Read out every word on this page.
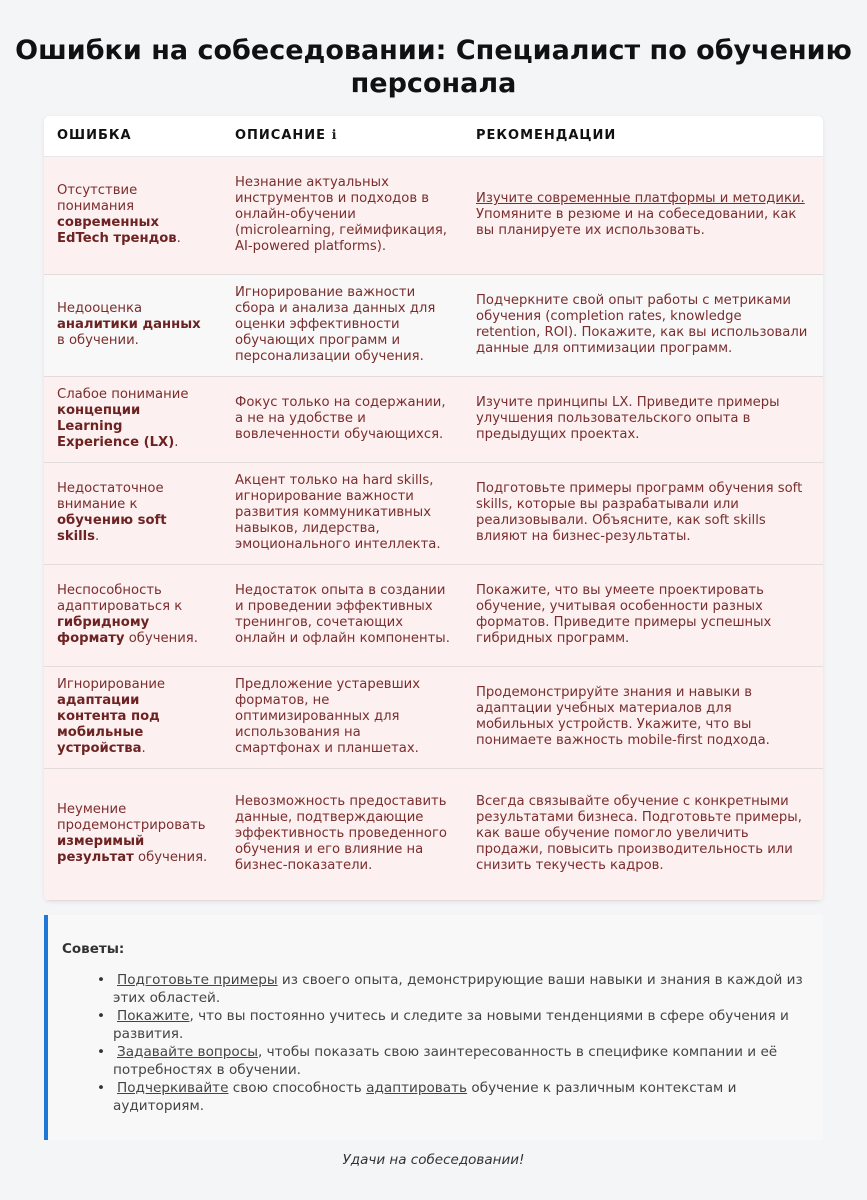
Ошибки на собеседовании: Специалист по обучению персонала
ОШИБКА	ОПИСАНИЕ ℹ	РЕКОМЕНДАЦИИ
Отсутствие понимания современных EdTech трендов.	Незнание актуальных инструментов и подходов в онлайн-обучении (microlearning, геймификация, AI-powered platforms).	Изучите современные платформы и методики. Упомяните в резюме и на собеседовании, как вы планируете их использовать.
Недооценка аналитики данных в обучении.	Игнорирование важности сбора и анализа данных для оценки эффективности обучающих программ и персонализации обучения.	Подчеркните свой опыт работы с метриками обучения (completion rates, knowledge retention, ROI). Покажите, как вы использовали данные для оптимизации программ.
Слабое понимание концепции Learning Experience (LX).	Фокус только на содержании, а не на удобстве и вовлеченности обучающихся.	Изучите принципы LX. Приведите примеры улучшения пользовательского опыта в предыдущих проектах.
Недостаточное внимание к обучению soft skills.	Акцент только на hard skills, игнорирование важности развития коммуникативных навыков, лидерства, эмоционального интеллекта.	Подготовьте примеры программ обучения soft skills, которые вы разрабатывали или реализовывали. Объясните, как soft skills влияют на бизнес-результаты.
Неспособность адаптироваться к гибридному формату обучения.	Недостаток опыта в создании и проведении эффективных тренингов, сочетающих онлайн и офлайн компоненты.	Покажите, что вы умеете проектировать обучение, учитывая особенности разных форматов. Приведите примеры успешных гибридных программ.
Игнорирование адаптации контента под мобильные устройства.	Предложение устаревших форматов, не оптимизированных для использования на смартфонах и планшетах.	Продемонстрируйте знания и навыки в адаптации учебных материалов для мобильных устройств. Укажите, что вы понимаете важность mobile-first подхода.
Неумение продемонстрировать измеримый результат обучения.	Невозможность предоставить данные, подтверждающие эффективность проведенного обучения и его влияние на бизнес-показатели.	Всегда связывайте обучение с конкретными результатами бизнеса. Подготовьте примеры, как ваше обучение помогло увеличить продажи, повысить производительность или снизить текучесть кадров.
Советы:
• Подготовьте примеры из своего опыта, демонстрирующие ваши навыки и знания в каждой из этих областей.
• Покажите, что вы постоянно учитесь и следите за новыми тенденциями в сфере обучения и развития.
• Задавайте вопросы, чтобы показать свою заинтересованность в специфике компании и её потребностях в обучении.
• Подчеркивайте свою способность адаптировать обучение к различным контекстам и аудиториям.
Удачи на собеседовании!
